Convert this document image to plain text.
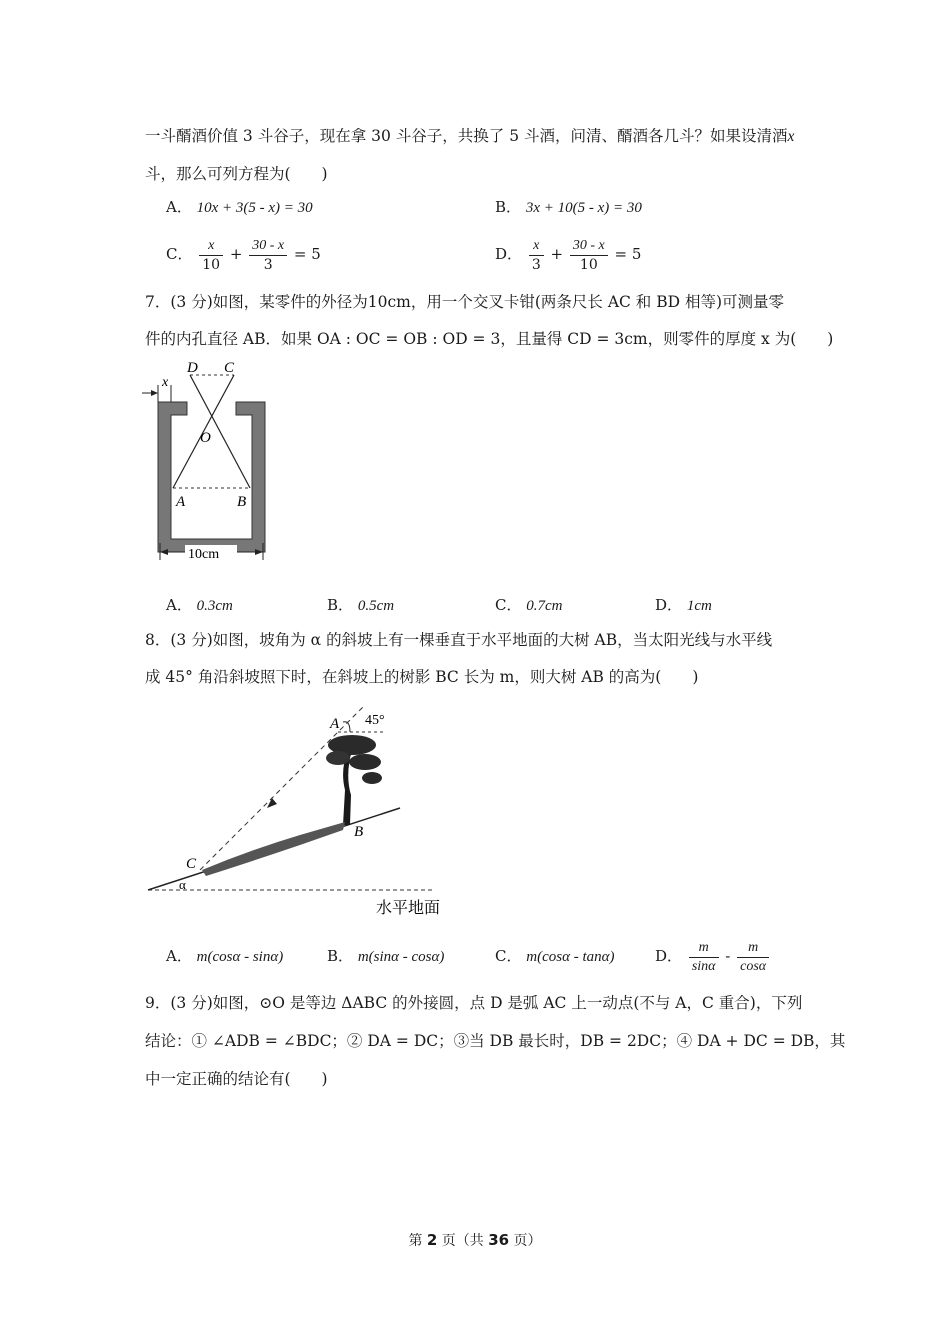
一斗醑酒价值 3 斗谷子，现在拿 30 斗谷子，共换了 5 斗酒，问清、醑酒各几斗？如果设清酒x
斗，那么可列方程为(　　)
A． 10x + 3(5 - x) = 30	B． 3x + 10(5 - x) = 30
C． $\frac{x}{10} + \frac{30 - x}{3} = 5$	D． $\frac{x}{3} + \frac{30 - x}{10} = 5$
7．(3 分)如图，某零件的外径为10cm，用一个交叉卡钳(两条尺长 AC 和 BD 相等)可测量零
件的内孔直径 AB．如果 OA : OC = OB : OD = 3，且量得 CD = 3cm，则零件的厚度 x 为(　　)
D C
x
O
A	B
10cm
A． 0.3cm	B． 0.5cm	C． 0.7cm	D． 1cm
8．(3 分)如图，坡角为 α 的斜坡上有一棵垂直于水平地面的大树 AB，当太阳光线与水平线
成 45° 角沿斜坡照下时，在斜坡上的树影 BC 长为 m，则大树 AB 的高为(　　)
A 45°
B
C
α
水平地面
A． m(cosα - sinα)	B． m(sinα - cosα)	C． m(cosα - tanα)	D． $\frac{m}{\sin\alpha} - \frac{m}{\cos\alpha}$
9．(3 分)如图，⊙O 是等边 ΔABC 的外接圆，点 D 是弧 AC 上一动点(不与 A，C 重合)，下列
结论：① ∠ADB = ∠BDC；② DA = DC；③当 DB 最长时，DB = 2DC；④ DA + DC = DB，其
中一定正确的结论有(　　)
第 2 页（共 36 页）
